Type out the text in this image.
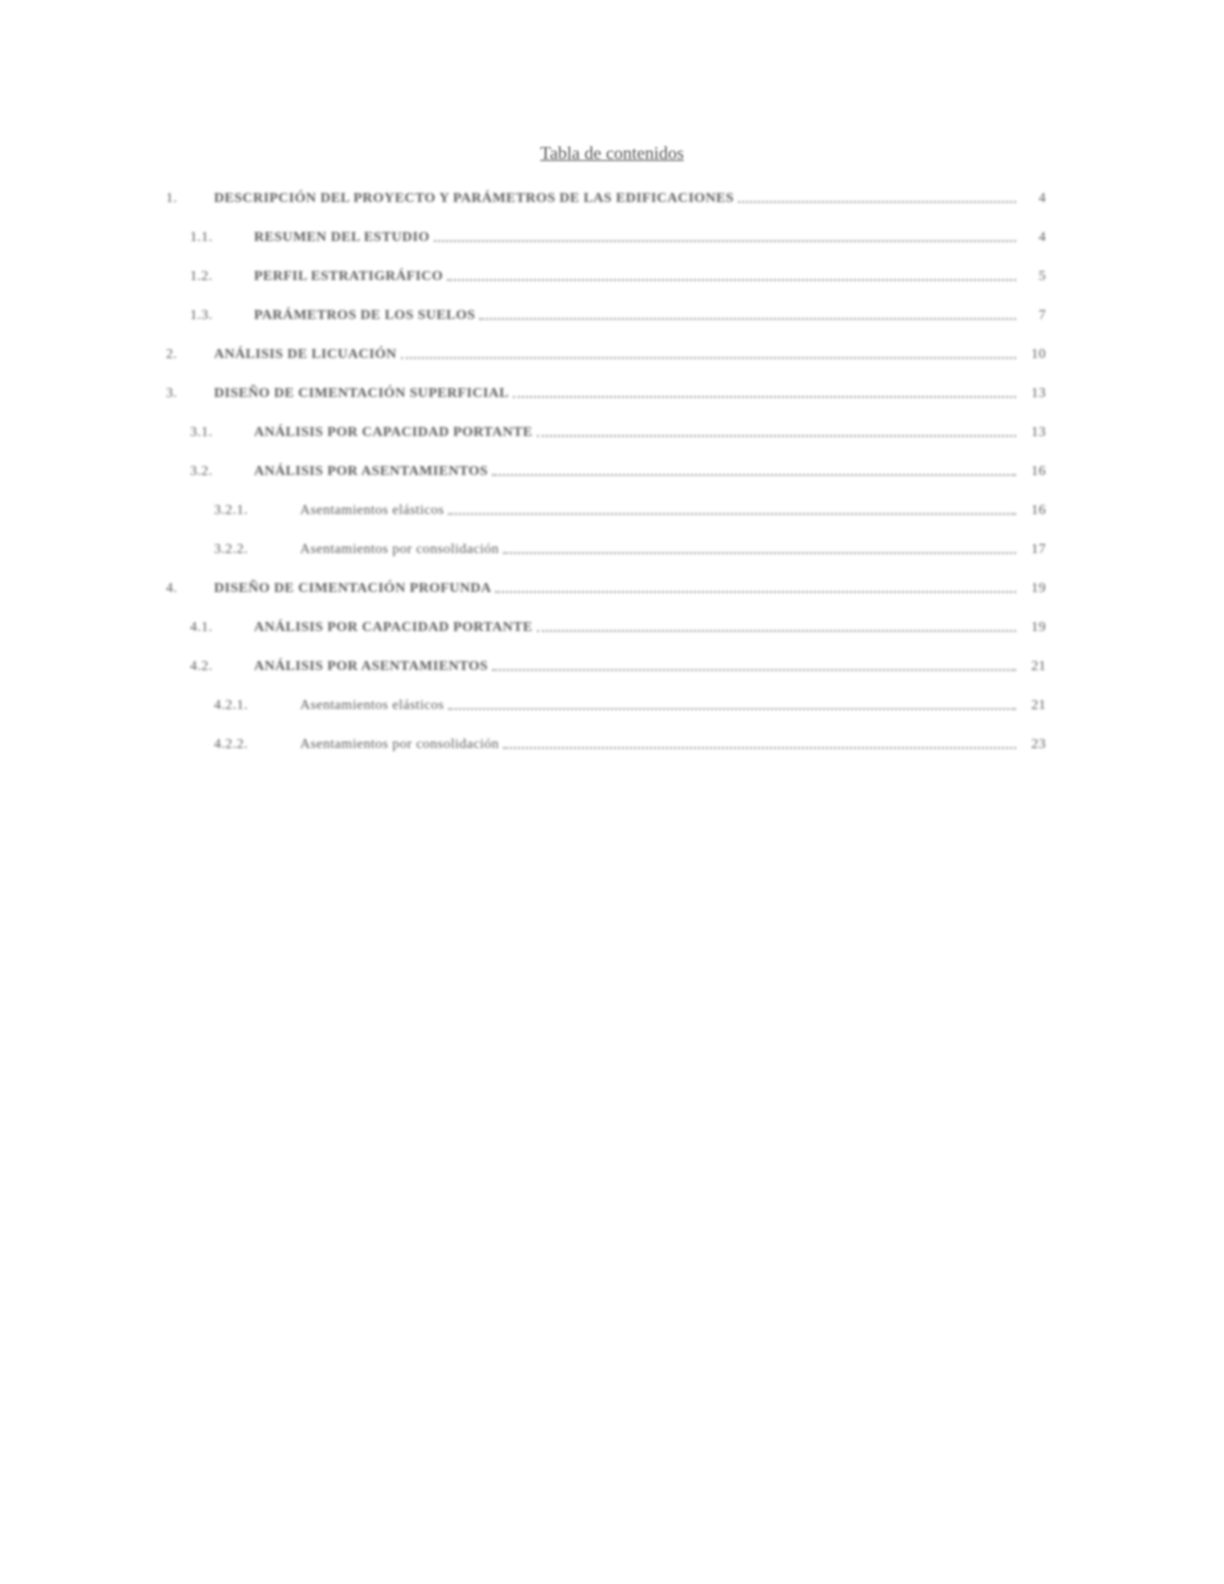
Tabla de contenidos
1.	DESCRIPCIÓN DEL PROYECTO Y PARÁMETROS DE LAS EDIFICACIONES	4
1.1.	RESUMEN DEL ESTUDIO	4
1.2.	PERFIL ESTRATIGRÁFICO	5
1.3.	PARÁMETROS DE LOS SUELOS	7
2.	ANÁLISIS DE LICUACIÓN	10
3.	DISEÑO DE CIMENTACIÓN SUPERFICIAL	13
3.1.	ANÁLISIS POR CAPACIDAD PORTANTE	13
3.2.	ANÁLISIS POR ASENTAMIENTOS	16
3.2.1.	Asentamientos elásticos	16
3.2.2.	Asentamientos por consolidación	17
4.	DISEÑO DE CIMENTACIÓN PROFUNDA	19
4.1.	ANÁLISIS POR CAPACIDAD PORTANTE	19
4.2.	ANÁLISIS POR ASENTAMIENTOS	21
4.2.1.	Asentamientos elásticos	21
4.2.2.	Asentamientos por consolidación	23
